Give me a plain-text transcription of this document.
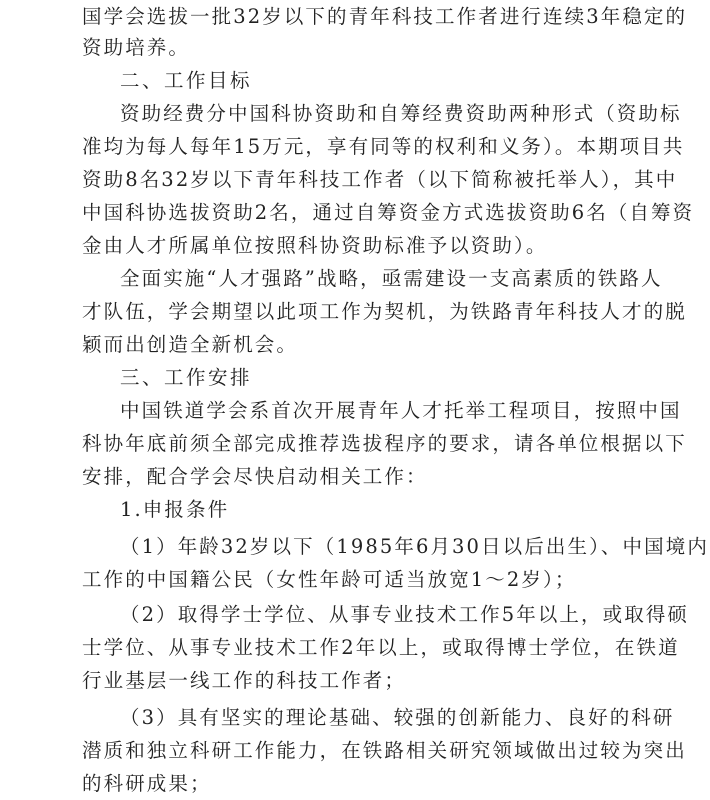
国学会选拔一批32岁以下的青年科技工作者进行连续3年稳定的
资助培养。
二、工作目标
资助经费分中国科协资助和自筹经费资助两种形式（资助标
准均为每人每年15万元，享有同等的权利和义务）。本期项目共
资助8名32岁以下青年科技工作者（以下简称被托举人），其中
中国科协选拔资助2名，通过自筹资金方式选拔资助6名（自筹资
金由人才所属单位按照科协资助标准予以资助）。
全面实施“人才强路”战略，亟需建设一支高素质的铁路人
才队伍，学会期望以此项工作为契机，为铁路青年科技人才的脱
颖而出创造全新机会。
三、工作安排
中国铁道学会系首次开展青年人才托举工程项目，按照中国
科协年底前须全部完成推荐选拔程序的要求，请各单位根据以下
安排，配合学会尽快启动相关工作：
1.申报条件
（1）年龄32岁以下（1985年6月30日以后出生）、中国境内
工作的中国籍公民（女性年龄可适当放宽1～2岁）；
（2）取得学士学位、从事专业技术工作5年以上，或取得硕
士学位、从事专业技术工作2年以上，或取得博士学位，在铁道
行业基层一线工作的科技工作者；
（3）具有坚实的理论基础、较强的创新能力、良好的科研
潜质和独立科研工作能力，在铁路相关研究领域做出过较为突出
的科研成果；
